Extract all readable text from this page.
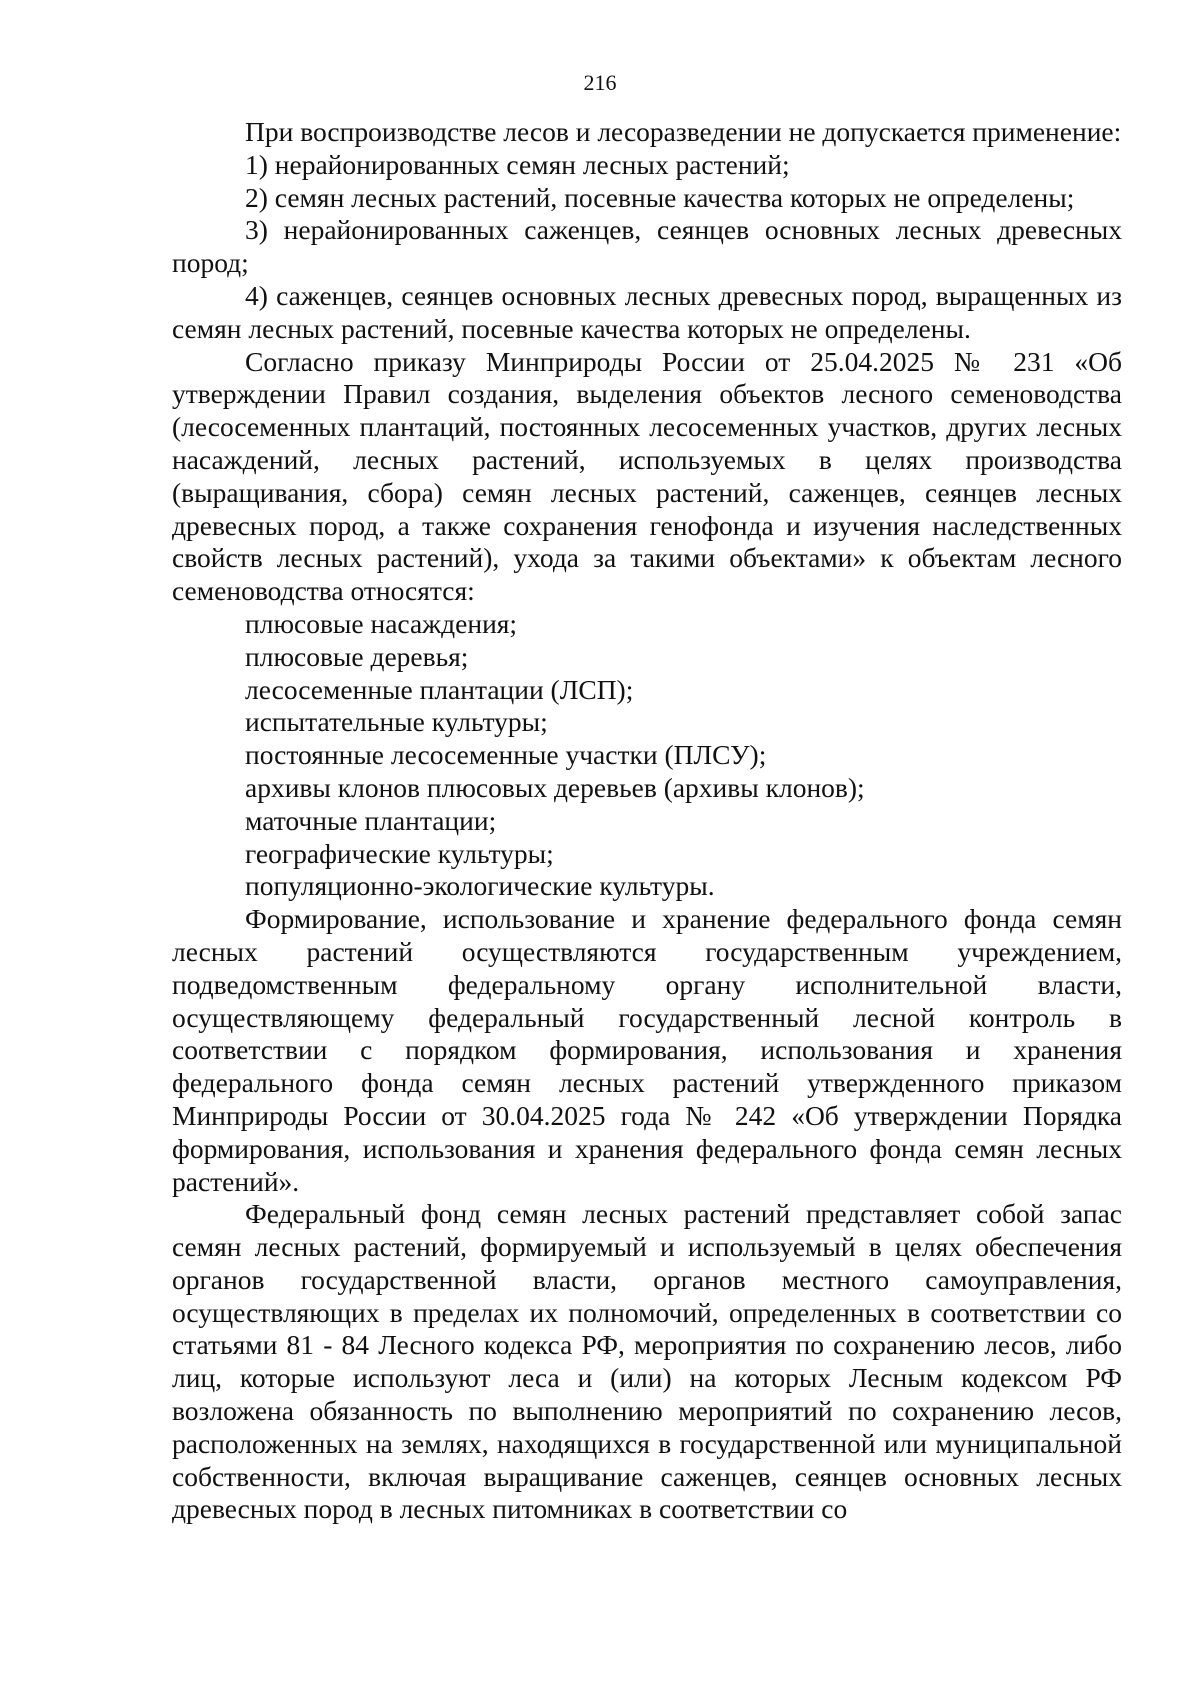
216

При воспроизводстве лесов и лесоразведении не допускается применение:

1) нерайонированных семян лесных растений;

2) семян лесных растений, посевные качества которых не определены;

3) нерайонированных саженцев, сеянцев основных лесных древесных пород;

4) саженцев, сеянцев основных лесных древесных пород, выращенных из семян лесных растений, посевные качества которых не определены.

Согласно приказу Минприроды России от 25.04.2025 № 231 «Об утверждении Правил создания, выделения объектов лесного семеноводства (лесосеменных плантаций, постоянных лесосеменных участков, других лесных насаждений, лесных растений, используемых в целях производства (выращивания, сбора) семян лесных растений, саженцев, сеянцев лесных древесных пород, а также сохранения генофонда и изучения наследственных свойств лесных растений), ухода за такими объектами» к объектам лесного семеноводства относятся:

плюсовые насаждения;

плюсовые деревья;

лесосеменные плантации (ЛСП);

испытательные культуры;

постоянные лесосеменные участки (ПЛСУ);

архивы клонов плюсовых деревьев (архивы клонов);

маточные плантации;

географические культуры;

популяционно-экологические культуры.

Формирование, использование и хранение федерального фонда семян лесных растений осуществляются государственным учреждением, подведомственным федеральному органу исполнительной власти, осуществляющему федеральный государственный лесной контроль в соответствии с порядком формирования, использования и хранения федерального фонда семян лесных растений утвержденного приказом Минприроды России от 30.04.2025 года № 242 «Об утверждении Порядка формирования, использования и хранения федерального фонда семян лесных растений».

Федеральный фонд семян лесных растений представляет собой запас семян лесных растений, формируемый и используемый в целях обеспечения органов государственной власти, органов местного самоуправления, осуществляющих в пределах их полномочий, определенных в соответствии со статьями 81 - 84 Лесного кодекса РФ, мероприятия по сохранению лесов, либо лиц, которые используют леса и (или) на которых Лесным кодексом РФ возложена обязанность по выполнению мероприятий по сохранению лесов, расположенных на землях, находящихся в государственной или муниципальной собственности, включая выращивание саженцев, сеянцев основных лесных древесных пород в лесных питомниках в соответствии со
